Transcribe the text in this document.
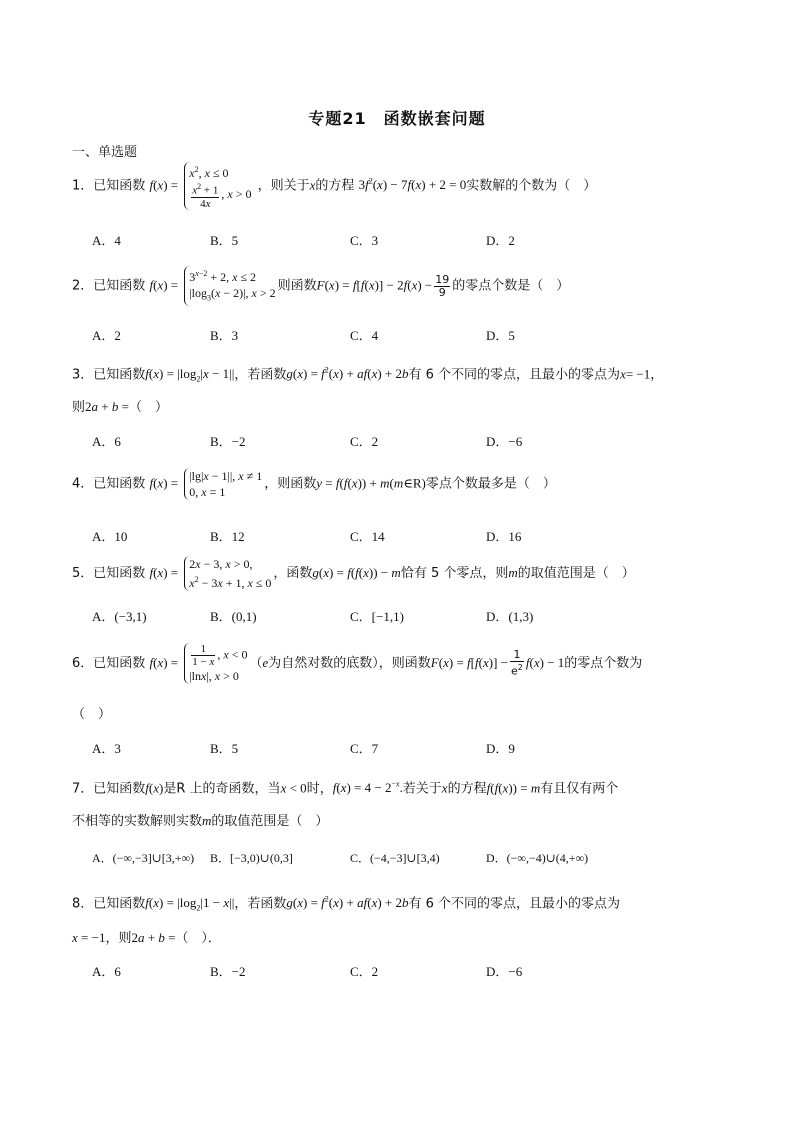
专题21　函数嵌套问题
一、单选题
1．已知函数 $f(x) = x^2$, x ≤ 0

$\frac{x^2 + 1}{4x}$ , x > 0 ，则关于x的方程 $3f^2(x) - 7f(x) + 2 = 0$实数解的个数为（　）
A．4	B．5	C．3	D．2
2．已知函数 $f(x) = 3^{x-2} + 2$, x ≤ 2
$|\log_3(x - 2)|$, x > 2则函数$F(x) = f[f(x)] - 2f(x) - \frac{19}{9}$ 的零点个数是（　）
A．2	B．3	C．4	D．5
3．已知函数$f(x) = |\log_2|x - 1||$，若函数$g(x) = f^2(x) + af(x) + 2b$有 6 个不同的零点，且最小的零点为x= −1，
则2a + b =（　）
A．6	B．−2	C．2	D．−6
4．已知函数 f(x) = |lg|x − 1||, x ≠ 1
0, x = 1，则函数y = f(f(x)) + m(m∈R)零点个数最多是（　）
A．10	B．12	C．14	D．16
5．已知函数 f(x) = 2x − 3, x > 0,
$x^2 - 3x + 1$, x ≤ 0，函数g(x) = f(f(x)) − m恰有 5 个零点，则m的取值范围是（　）
A．(−3,1)	B．(0,1)	C．[−1,1)	D．(1,3)
6．已知函数 $f(x) = \frac{1}{1 - x}$ , x < 0
|lnx|, x > 0（e为自然对数的底数），则函数$F(x) = f[f(x)] - \frac{1}{e^2} f(x) - 1$的零点个数为
（　）
A．3	B．5	C．7	D．9
7．已知函数f(x)是R 上的奇函数，当x < 0时，$f(x) = 4 - 2^{-x}$.若关于x的方程f(f(x)) = m有且仅有两个
不相等的实数解则实数m的取值范围是（　）
A．(−∞,−3]∪[3,+∞) B．[−3,0)∪(0,3]	C．(−4,−3]∪[3,4)	D．(−∞,−4)∪(4,+∞)
8．已知函数$f(x) = |\log_2|1 - x||$，若函数$g(x) = f^2(x) + af(x) + 2b$有 6 个不同的零点，且最小的零点为
x = −1，则2a + b =（　）．
A．6	B．−2	C．2	D．−6
